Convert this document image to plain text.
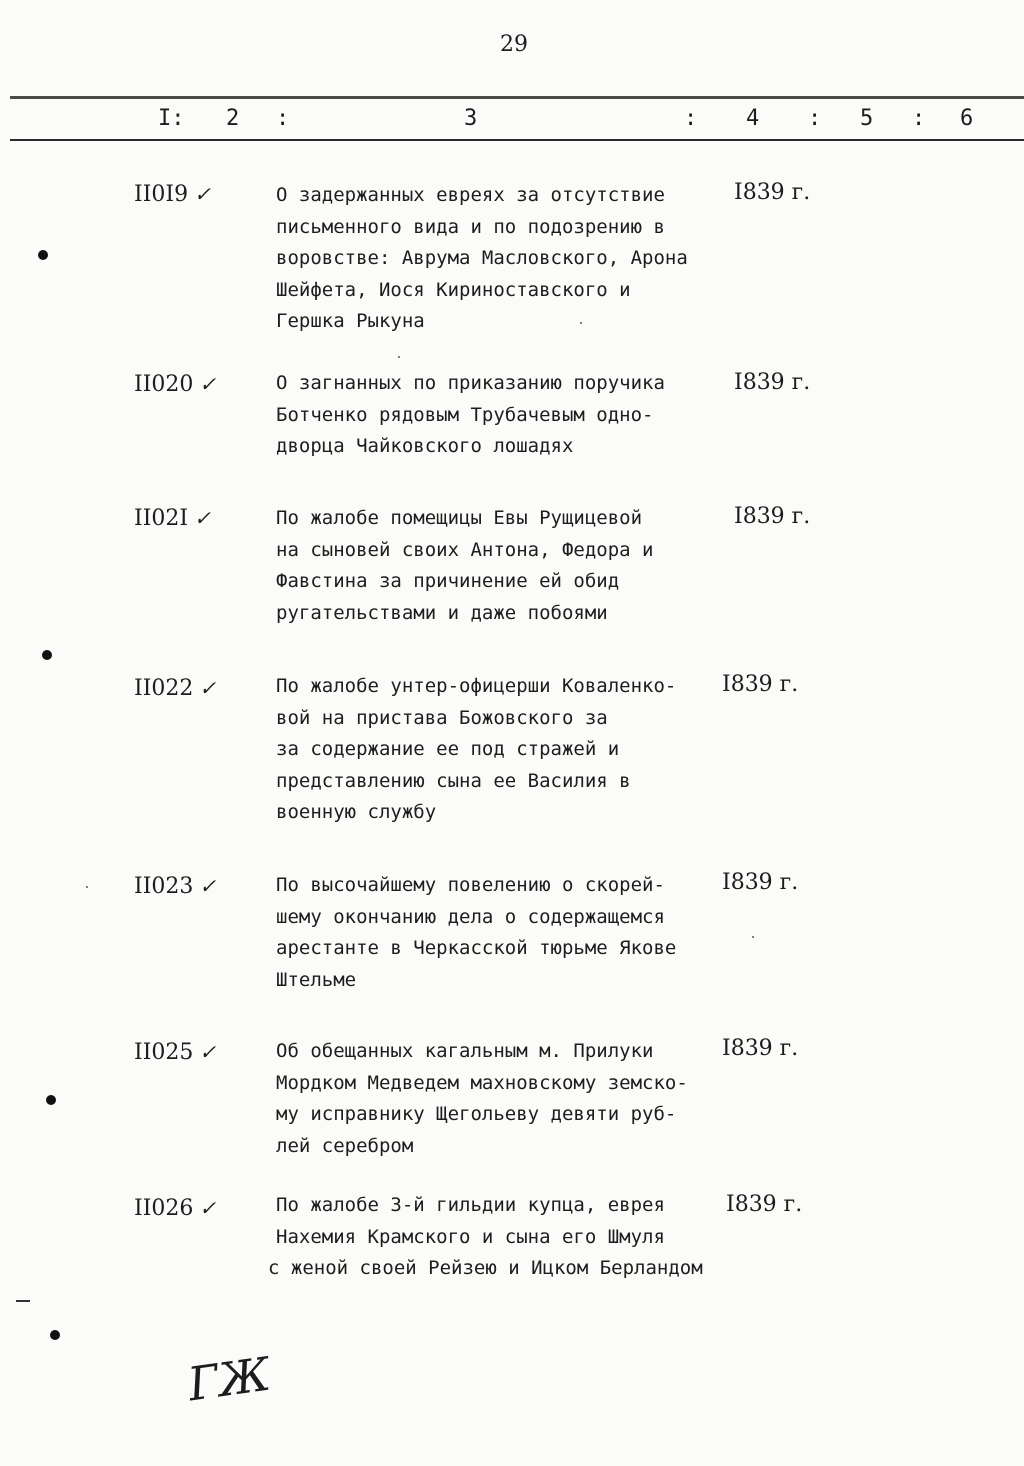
29
I: 2 :	3	: 4 : 5 : 6
II0I9 ✓	О задержанных евреях за отсутствие
письменного вида и по подозрению в
воровстве: Аврума Масловского, Арона
Шейфета, Иося Кириноставского и
Гершка Рыкуна
I839 г.
II020 ✓	О загнанных по приказанию поручика
Ботченко рядовым Трубачевым одно-
дворца Чайковского лошадях
I839 г.
II02I ✓	По жалобе помещицы Евы Рущицевой
на сыновей своих Антона, Федора и
Фавстина за причинение ей обид
ругательствами и даже побоями
I839 г.
II022 ✓	По жалобе унтер-офицерши Коваленко-
вой на пристава Божовского за
за содержание ее под стражей и
представлению сына ее Василия в
военную службу
I839 г.
II023 ✓	По высочайшему повелению о скорей-
шему окончанию дела о содержащемся
арестанте в Черкасской тюрьме Якове
Штельме
I839 г.
II025 ✓	Об обещанных кагальным м. Прилуки
Мордком Медведем махновскому земско-
му исправнику Щегольеву девяти руб-
лей серебром
I839 г.
II026 ✓	По жалобе 3-й гильдии купца, еврея
Нахемия Крамского и сына его Шмуля
с женой своей Рейзею и Ицком Берландом
I839 г.
ГЖ
